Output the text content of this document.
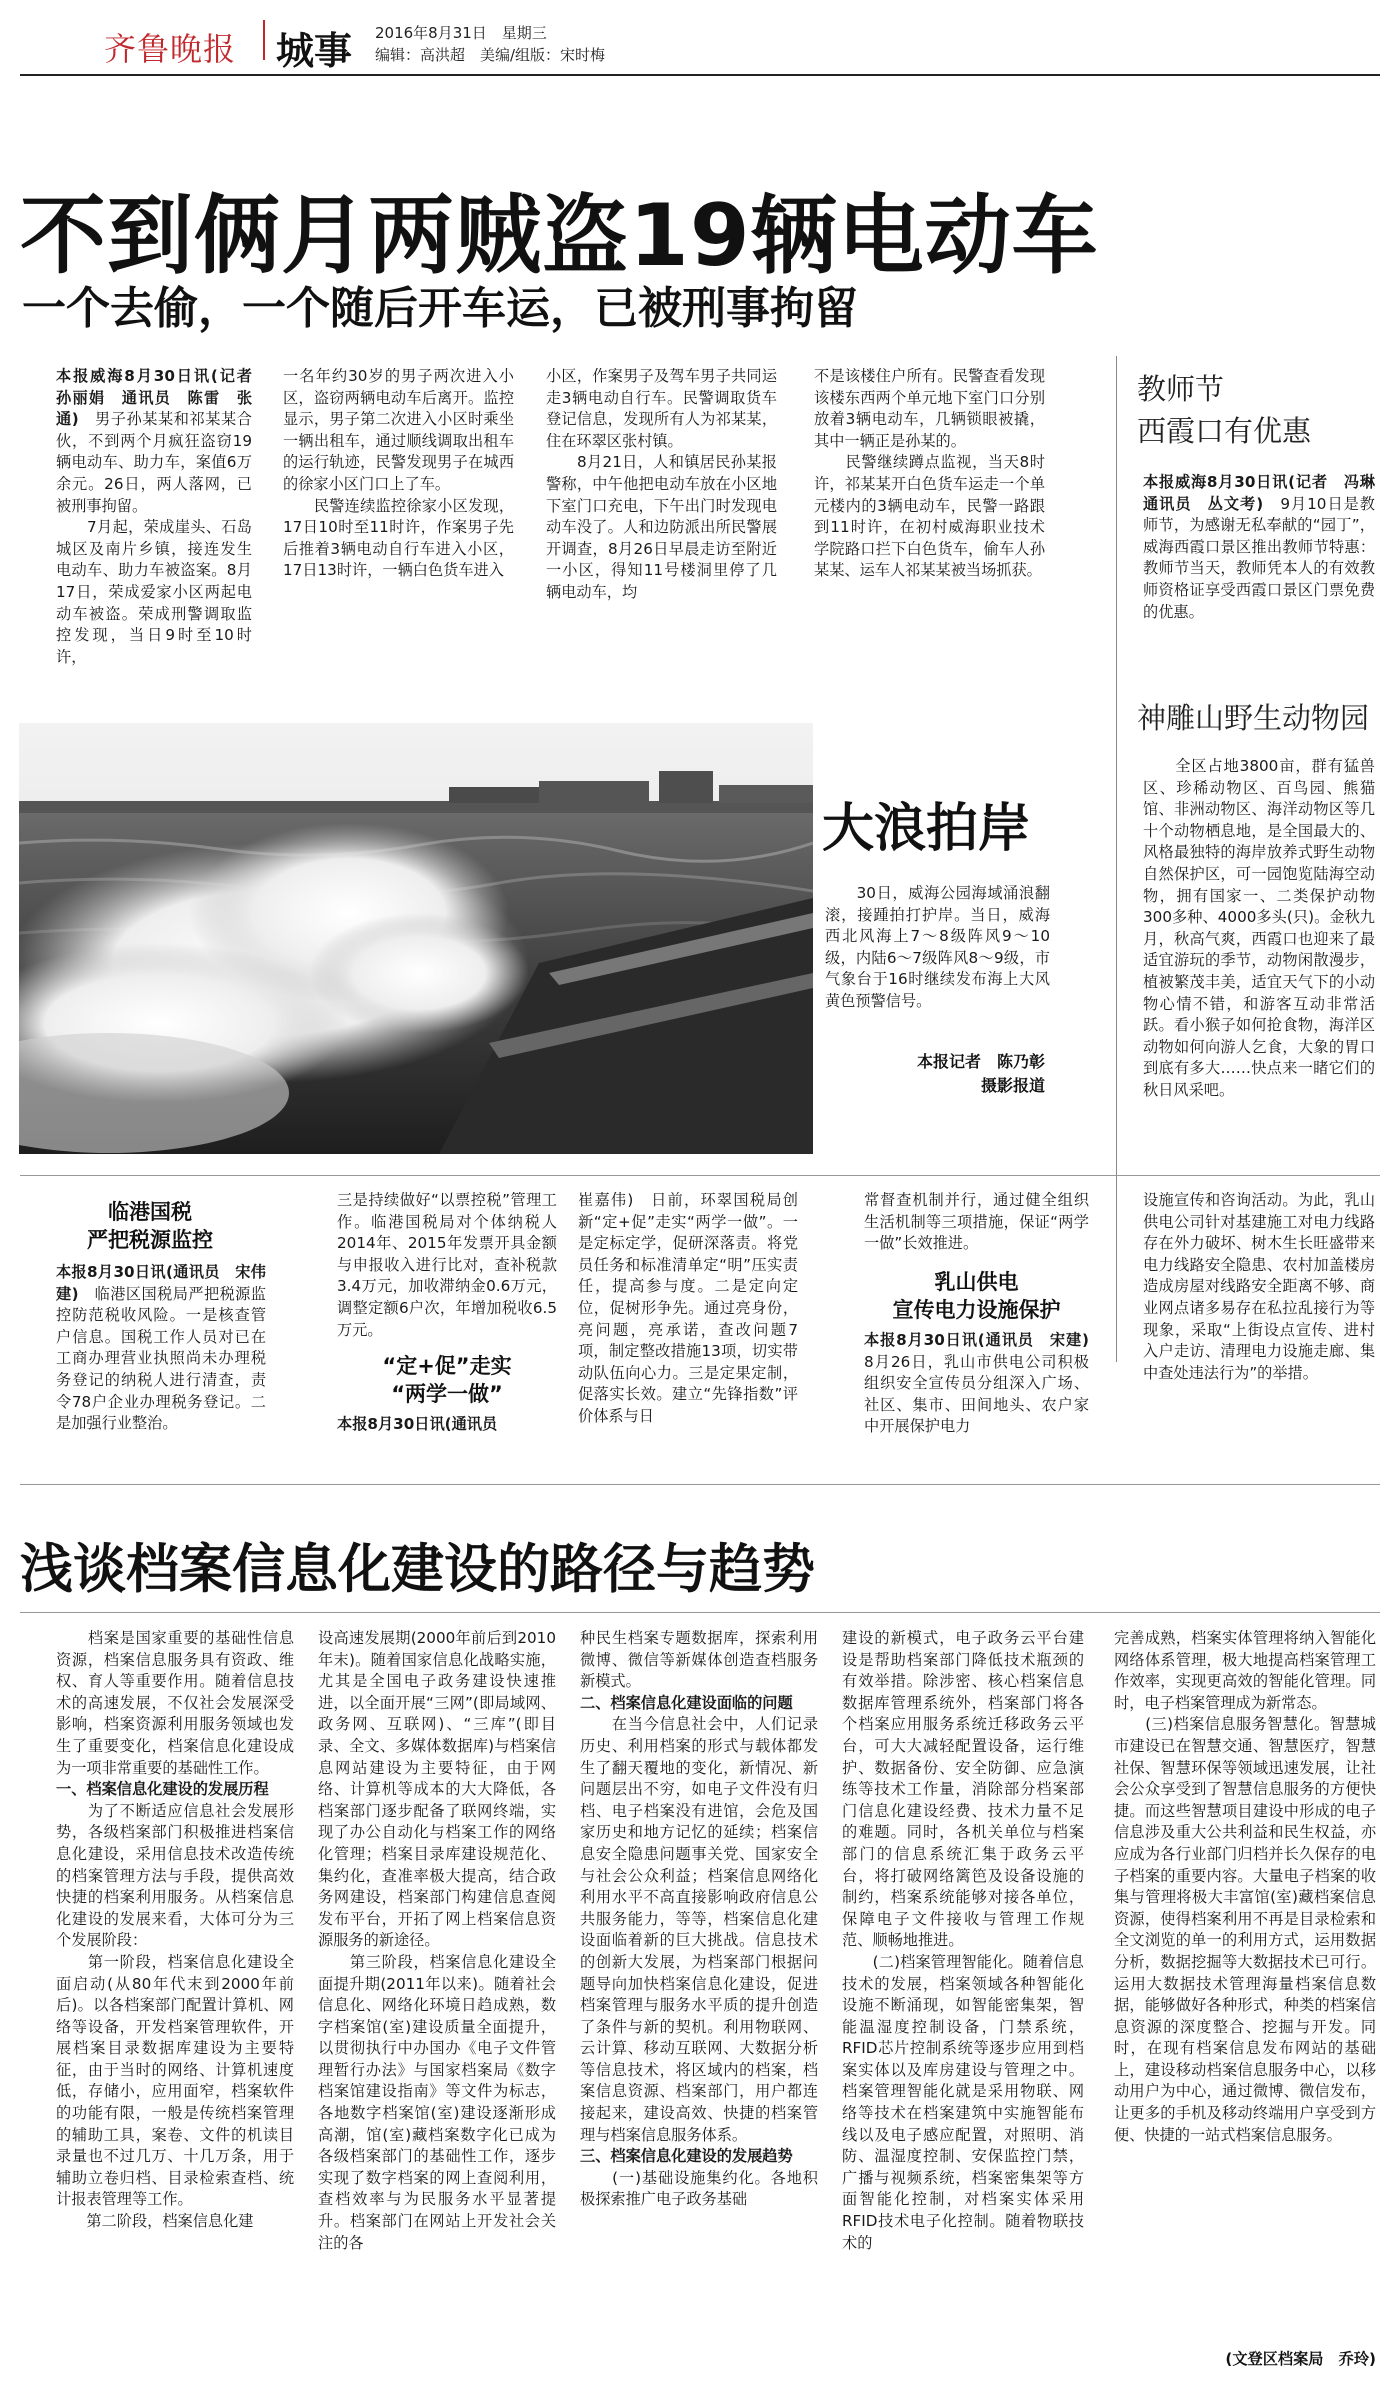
齐鲁晚报 城事 2016年8月31日　星期三
编辑：高洪超　美编/组版：宋时梅
不到俩月两贼盗19辆电动车
一个去偷，一个随后开车运，已被刑事拘留
本报威海8月30日讯(记者　孙丽娟　通讯员　陈雷　张通)　男子孙某某和祁某某合伙，不到两个月疯狂盗窃19辆电动车、助力车，案值6万余元。26日，两人落网，已被刑事拘留。
　　7月起，荣成崖头、石岛城区及南片乡镇，接连发生电动车、助力车被盗案。8月17日，荣成爱家小区两起电动车被盗。荣成刑警调取监控发现，当日9时至10时许，
一名年约30岁的男子两次进入小区，盗窃两辆电动车后离开。监控显示，男子第二次进入小区时乘坐一辆出租车，通过顺线调取出租车的运行轨迹，民警发现男子在城西的徐家小区门口上了车。
　　民警连续监控徐家小区发现，17日10时至11时许，作案男子先后推着3辆电动自行车进入小区，17日13时许，一辆白色货车进入
小区，作案男子及驾车男子共同运走3辆电动自行车。民警调取货车登记信息，发现所有人为祁某某，住在环翠区张村镇。
　　8月21日，人和镇居民孙某报警称，中午他把电动车放在小区地下室门口充电，下午出门时发现电动车没了。人和边防派出所民警展开调查，8月26日早晨走访至附近一小区，得知11号楼洞里停了几辆电动车，均
不是该楼住户所有。民警查看发现该楼东西两个单元地下室门口分别放着3辆电动车，几辆锁眼被撬，其中一辆正是孙某的。
　　民警继续蹲点监视，当天8时许，祁某某开白色货车运走一个单元楼内的3辆电动车，民警一路跟到11时许，在初村威海职业技术学院路口拦下白色货车，偷车人孙某某、运车人祁某某被当场抓获。
教师节
西霞口有优惠
本报威海8月30日讯(记者　冯琳　通讯员　丛文考)　9月10日是教师节，为感谢无私奉献的“园丁”，威海西霞口景区推出教师节特惠：教师节当天，教师凭本人的有效教师资格证享受西霞口景区门票免费的优惠。
神雕山野生动物园
　　全区占地3800亩，群有猛兽区、珍稀动物区、百鸟园、熊猫馆、非洲动物区、海洋动物区等几十个动物栖息地，是全国最大的、风格最独特的海岸放养式野生动物自然保护区，可一园饱览陆海空动物，拥有国家一、二类保护动物300多种、4000多头(只)。金秋九月，秋高气爽，西霞口也迎来了最适宜游玩的季节，动物闲散漫步，植被繁茂丰美，适宜天气下的小动物心情不错，和游客互动非常活跃。看小猴子如何抢食物，海洋区动物如何向游人乞食，大象的胃口到底有多大……快点来一睹它们的秋日风采吧。
大浪拍岸
　　30日，威海公园海域涌浪翻滚，接踵拍打护岸。当日，威海西北风海上7～8级阵风9～10级，内陆6～7级阵风8～9级，市气象台于16时继续发布海上大风黄色预警信号。
本报记者　陈乃彰
摄影报道
临港国税
严把税源监控
本报8月30日讯(通讯员　宋伟建)　临港区国税局严把税源监控防范税收风险。一是核查管户信息。国税工作人员对已在工商办理营业执照尚未办理税务登记的纳税人进行清查，责令78户企业办理税务登记。二是加强行业整治。
三是持续做好“以票控税”管理工作。临港国税局对个体纳税人2014年、2015年发票开具金额与申报收入进行比对，查补税款3.4万元，加收滞纳金0.6万元，调整定额6户次，年增加税收6.5万元。
“定+促”走实
“两学一做”
本报8月30日讯(通讯员
崔嘉伟)　日前，环翠国税局创新“定+促”走实“两学一做”。一是定标定学，促研深落责。将党员任务和标准清单定“明”压实责任，提高参与度。二是定向定位，促树形争先。通过亮身份，亮问题，亮承诺，查改问题7项，制定整改措施13项，切实带动队伍向心力。三是定果定制，促落实长效。建立“先锋指数”评价体系与日
常督查机制并行，通过健全组织生活机制等三项措施，保证“两学一做”长效推进。
乳山供电
宣传电力设施保护
本报8月30日讯(通讯员　宋建)　8月26日，乳山市供电公司积极组织安全宣传员分组深入广场、社区、集市、田间地头、农户家中开展保护电力
设施宣传和咨询活动。为此，乳山供电公司针对基建施工对电力线路存在外力破坏、树木生长旺盛带来电力线路安全隐患、农村加盖楼房造成房屋对线路安全距离不够、商业网点诸多易存在私拉乱接行为等现象，采取“上街设点宣传、进村入户走访、清理电力设施走廊、集中查处违法行为”的举措。
浅谈档案信息化建设的路径与趋势
　　档案是国家重要的基础性信息资源，档案信息服务具有资政、维权、育人等重要作用。随着信息技术的高速发展，不仅社会发展深受影响，档案资源利用服务领域也发生了重要变化，档案信息化建设成为一项非常重要的基础性工作。
一、档案信息化建设的发展历程
　　为了不断适应信息社会发展形势，各级档案部门积极推进档案信息化建设，采用信息技术改造传统的档案管理方法与手段，提供高效快捷的档案利用服务。从档案信息化建设的发展来看，大体可分为三个发展阶段：
　　第一阶段，档案信息化建设全面启动(从80年代末到2000年前后)。以各档案部门配置计算机、网络等设备，开发档案管理软件，开展档案目录数据库建设为主要特征，由于当时的网络、计算机速度低，存储小，应用面窄，档案软件的功能有限，一般是传统档案管理的辅助工具，案卷、文件的机读目录量也不过几万、十几万条，用于辅助立卷归档、目录检索查档、统计报表管理等工作。
　　第二阶段，档案信息化建
设高速发展期(2000年前后到2010年末)。随着国家信息化战略实施，尤其是全国电子政务建设快速推进，以全面开展“三网”(即局域网、政务网、互联网)、“三库”(即目录、全文、多媒体数据库)与档案信息网站建设为主要特征，由于网络、计算机等成本的大大降低，各档案部门逐步配备了联网终端，实现了办公自动化与档案工作的网络化管理；档案目录库建设规范化、集约化，查准率极大提高，结合政务网建设，档案部门构建信息查阅发布平台，开拓了网上档案信息资源服务的新途径。
　　第三阶段，档案信息化建设全面提升期(2011年以来)。随着社会信息化、网络化环境日趋成熟，数字档案馆(室)建设质量全面提升，以贯彻执行中办国办《电子文件管理暂行办法》与国家档案局《数字档案馆建设指南》等文件为标志，各地数字档案馆(室)建设逐渐形成高潮，馆(室)藏档案数字化已成为各级档案部门的基础性工作，逐步实现了数字档案的网上查阅利用，查档效率与为民服务水平显著提升。档案部门在网站上开发社会关注的各
种民生档案专题数据库，探索利用微博、微信等新媒体创造查档服务新模式。
二、档案信息化建设面临的问题
　　在当今信息社会中，人们记录历史、利用档案的形式与载体都发生了翻天覆地的变化，新情况、新问题层出不穷，如电子文件没有归档、电子档案没有进馆，会危及国家历史和地方记忆的延续；档案信息安全隐患问题事关党、国家安全与社会公众利益；档案信息网络化利用水平不高直接影响政府信息公共服务能力，等等，档案信息化建设面临着新的巨大挑战。信息技术的创新大发展，为档案部门根据问题导向加快档案信息化建设，促进档案管理与服务水平质的提升创造了条件与新的契机。利用物联网、云计算、移动互联网、大数据分析等信息技术，将区域内的档案，档案信息资源、档案部门，用户都连接起来，建设高效、快捷的档案管理与档案信息服务体系。
三、档案信息化建设的发展趋势
　　(一)基础设施集约化。各地积极探索推广电子政务基础
建设的新模式，电子政务云平台建设是帮助档案部门降低技术瓶颈的有效举措。除涉密、核心档案信息数据库管理系统外，档案部门将各个档案应用服务系统迁移政务云平台，可大大减轻配置设备，运行维护、数据备份、安全防御、应急演练等技术工作量，消除部分档案部门信息化建设经费、技术力量不足的难题。同时，各机关单位与档案部门的信息系统汇集于政务云平台，将打破网络篱笆及设备设施的制约，档案系统能够对接各单位，保障电子文件接收与管理工作规范、顺畅地推进。
　　(二)档案管理智能化。随着信息技术的发展，档案领域各种智能化设施不断涌现，如智能密集架，智能温湿度控制设备，门禁系统，RFID芯片控制系统等逐步应用到档案实体以及库房建设与管理之中。档案管理智能化就是采用物联、网络等技术在档案建筑中实施智能布线以及电子感应配置，对照明、消防、温湿度控制、安保监控门禁，广播与视频系统，档案密集架等方面智能化控制，对档案实体采用RFID技术电子化控制。随着物联技术的
完善成熟，档案实体管理将纳入智能化网络体系管理，极大地提高档案管理工作效率，实现更高效的智能化管理。同时，电子档案管理成为新常态。
　　(三)档案信息服务智慧化。智慧城市建设已在智慧交通、智慧医疗，智慧社保、智慧环保等领域迅速发展，让社会公众享受到了智慧信息服务的方便快捷。而这些智慧项目建设中形成的电子信息涉及重大公共利益和民生权益，亦应成为各行业部门归档并长久保存的电子档案的重要内容。大量电子档案的收集与管理将极大丰富馆(室)藏档案信息资源，使得档案利用不再是目录检索和全文浏览的单一的利用方式，运用数据分析，数据挖掘等大数据技术已可行。运用大数据技术管理海量档案信息数据，能够做好各种形式，种类的档案信息资源的深度整合、挖掘与开发。同时，在现有档案信息发布网站的基础上，建设移动档案信息服务中心，以移动用户为中心，通过微博、微信发布，让更多的手机及移动终端用户享受到方便、快捷的一站式档案信息服务。
(文登区档案局　乔玲)
